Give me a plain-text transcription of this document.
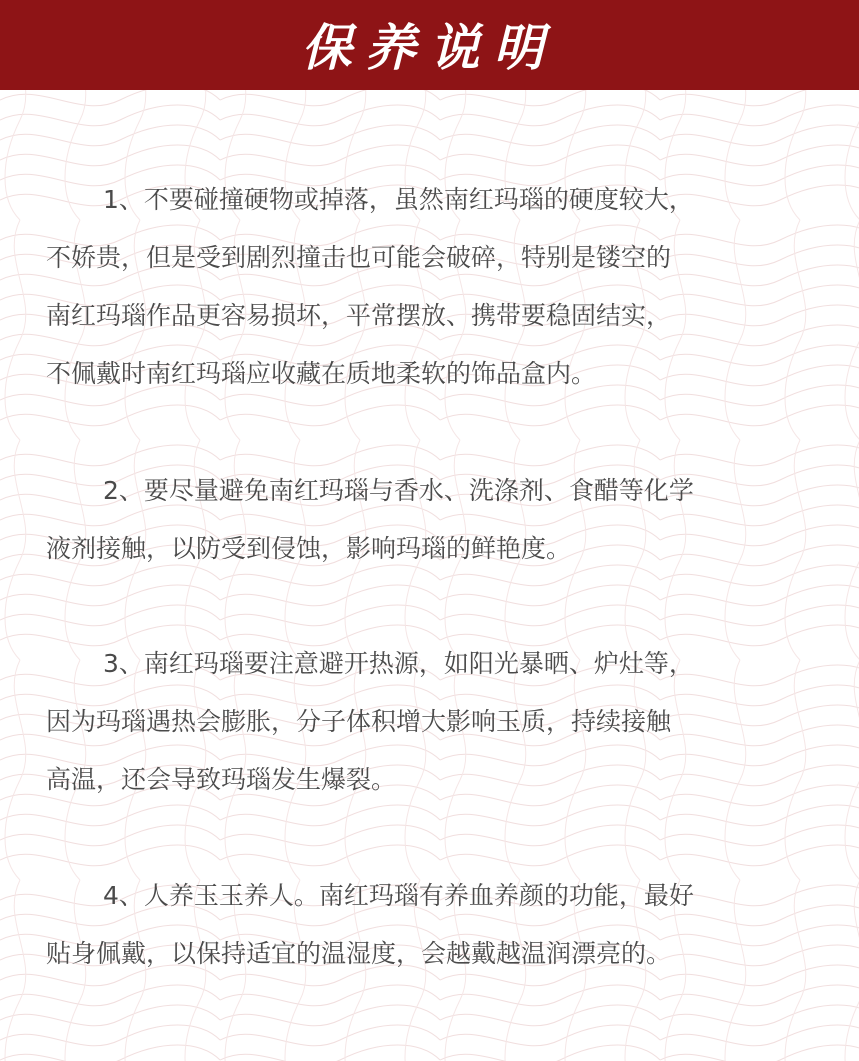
保养说明
1、不要碰撞硬物或掉落，虽然南红玛瑙的硬度较大，
不娇贵，但是受到剧烈撞击也可能会破碎，特别是镂空的
南红玛瑙作品更容易损坏，平常摆放、携带要稳固结实，
不佩戴时南红玛瑙应收藏在质地柔软的饰品盒内。
2、要尽量避免南红玛瑙与香水、洗涤剂、食醋等化学
液剂接触，以防受到侵蚀，影响玛瑙的鲜艳度。
3、南红玛瑙要注意避开热源，如阳光暴晒、炉灶等，
因为玛瑙遇热会膨胀，分子体积增大影响玉质，持续接触
高温，还会导致玛瑙发生爆裂。
4、人养玉玉养人。南红玛瑙有养血养颜的功能，最好
贴身佩戴，以保持适宜的温湿度，会越戴越温润漂亮的。
